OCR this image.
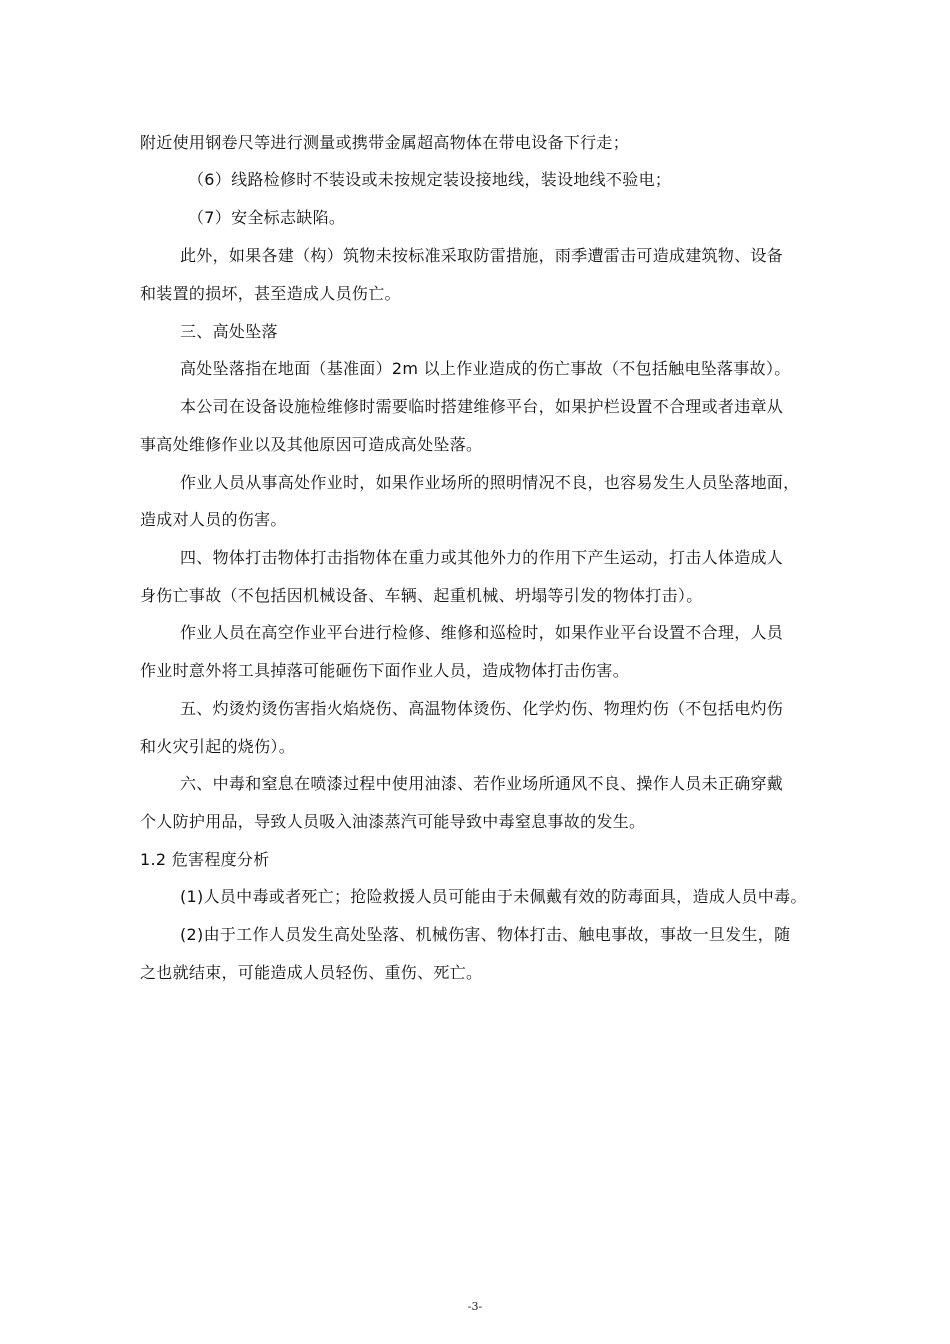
附近使用钢卷尺等进行测量或携带金属超高物体在带电设备下行走；
（6）线路检修时不装设或未按规定装设接地线，装设地线不验电；
（7）安全标志缺陷。
此外，如果各建（构）筑物未按标准采取防雷措施，雨季遭雷击可造成建筑物、设备
和装置的损坏，甚至造成人员伤亡。
三、高处坠落
高处坠落指在地面（基准面）2m 以上作业造成的伤亡事故（不包括触电坠落事故）。
本公司在设备设施检维修时需要临时搭建维修平台，如果护栏设置不合理或者违章从
事高处维修作业以及其他原因可造成高处坠落。
作业人员从事高处作业时，如果作业场所的照明情况不良，也容易发生人员坠落地面，
造成对人员的伤害。
四、物体打击物体打击指物体在重力或其他外力的作用下产生运动，打击人体造成人
身伤亡事故（不包括因机械设备、车辆、起重机械、坍塌等引发的物体打击）。
作业人员在高空作业平台进行检修、维修和巡检时，如果作业平台设置不合理，人员
作业时意外将工具掉落可能砸伤下面作业人员，造成物体打击伤害。
五、灼烫灼烫伤害指火焰烧伤、高温物体烫伤、化学灼伤、物理灼伤（不包括电灼伤
和火灾引起的烧伤）。
六、中毒和窒息在喷漆过程中使用油漆、若作业场所通风不良、操作人员未正确穿戴
个人防护用品，导致人员吸入油漆蒸汽可能导致中毒窒息事故的发生。
1.2 危害程度分析
(1)人员中毒或者死亡；抢险救援人员可能由于未佩戴有效的防毒面具，造成人员中毒。
(2)由于工作人员发生高处坠落、机械伤害、物体打击、触电事故，事故一旦发生，随
之也就结束，可能造成人员轻伤、重伤、死亡。
-3-
